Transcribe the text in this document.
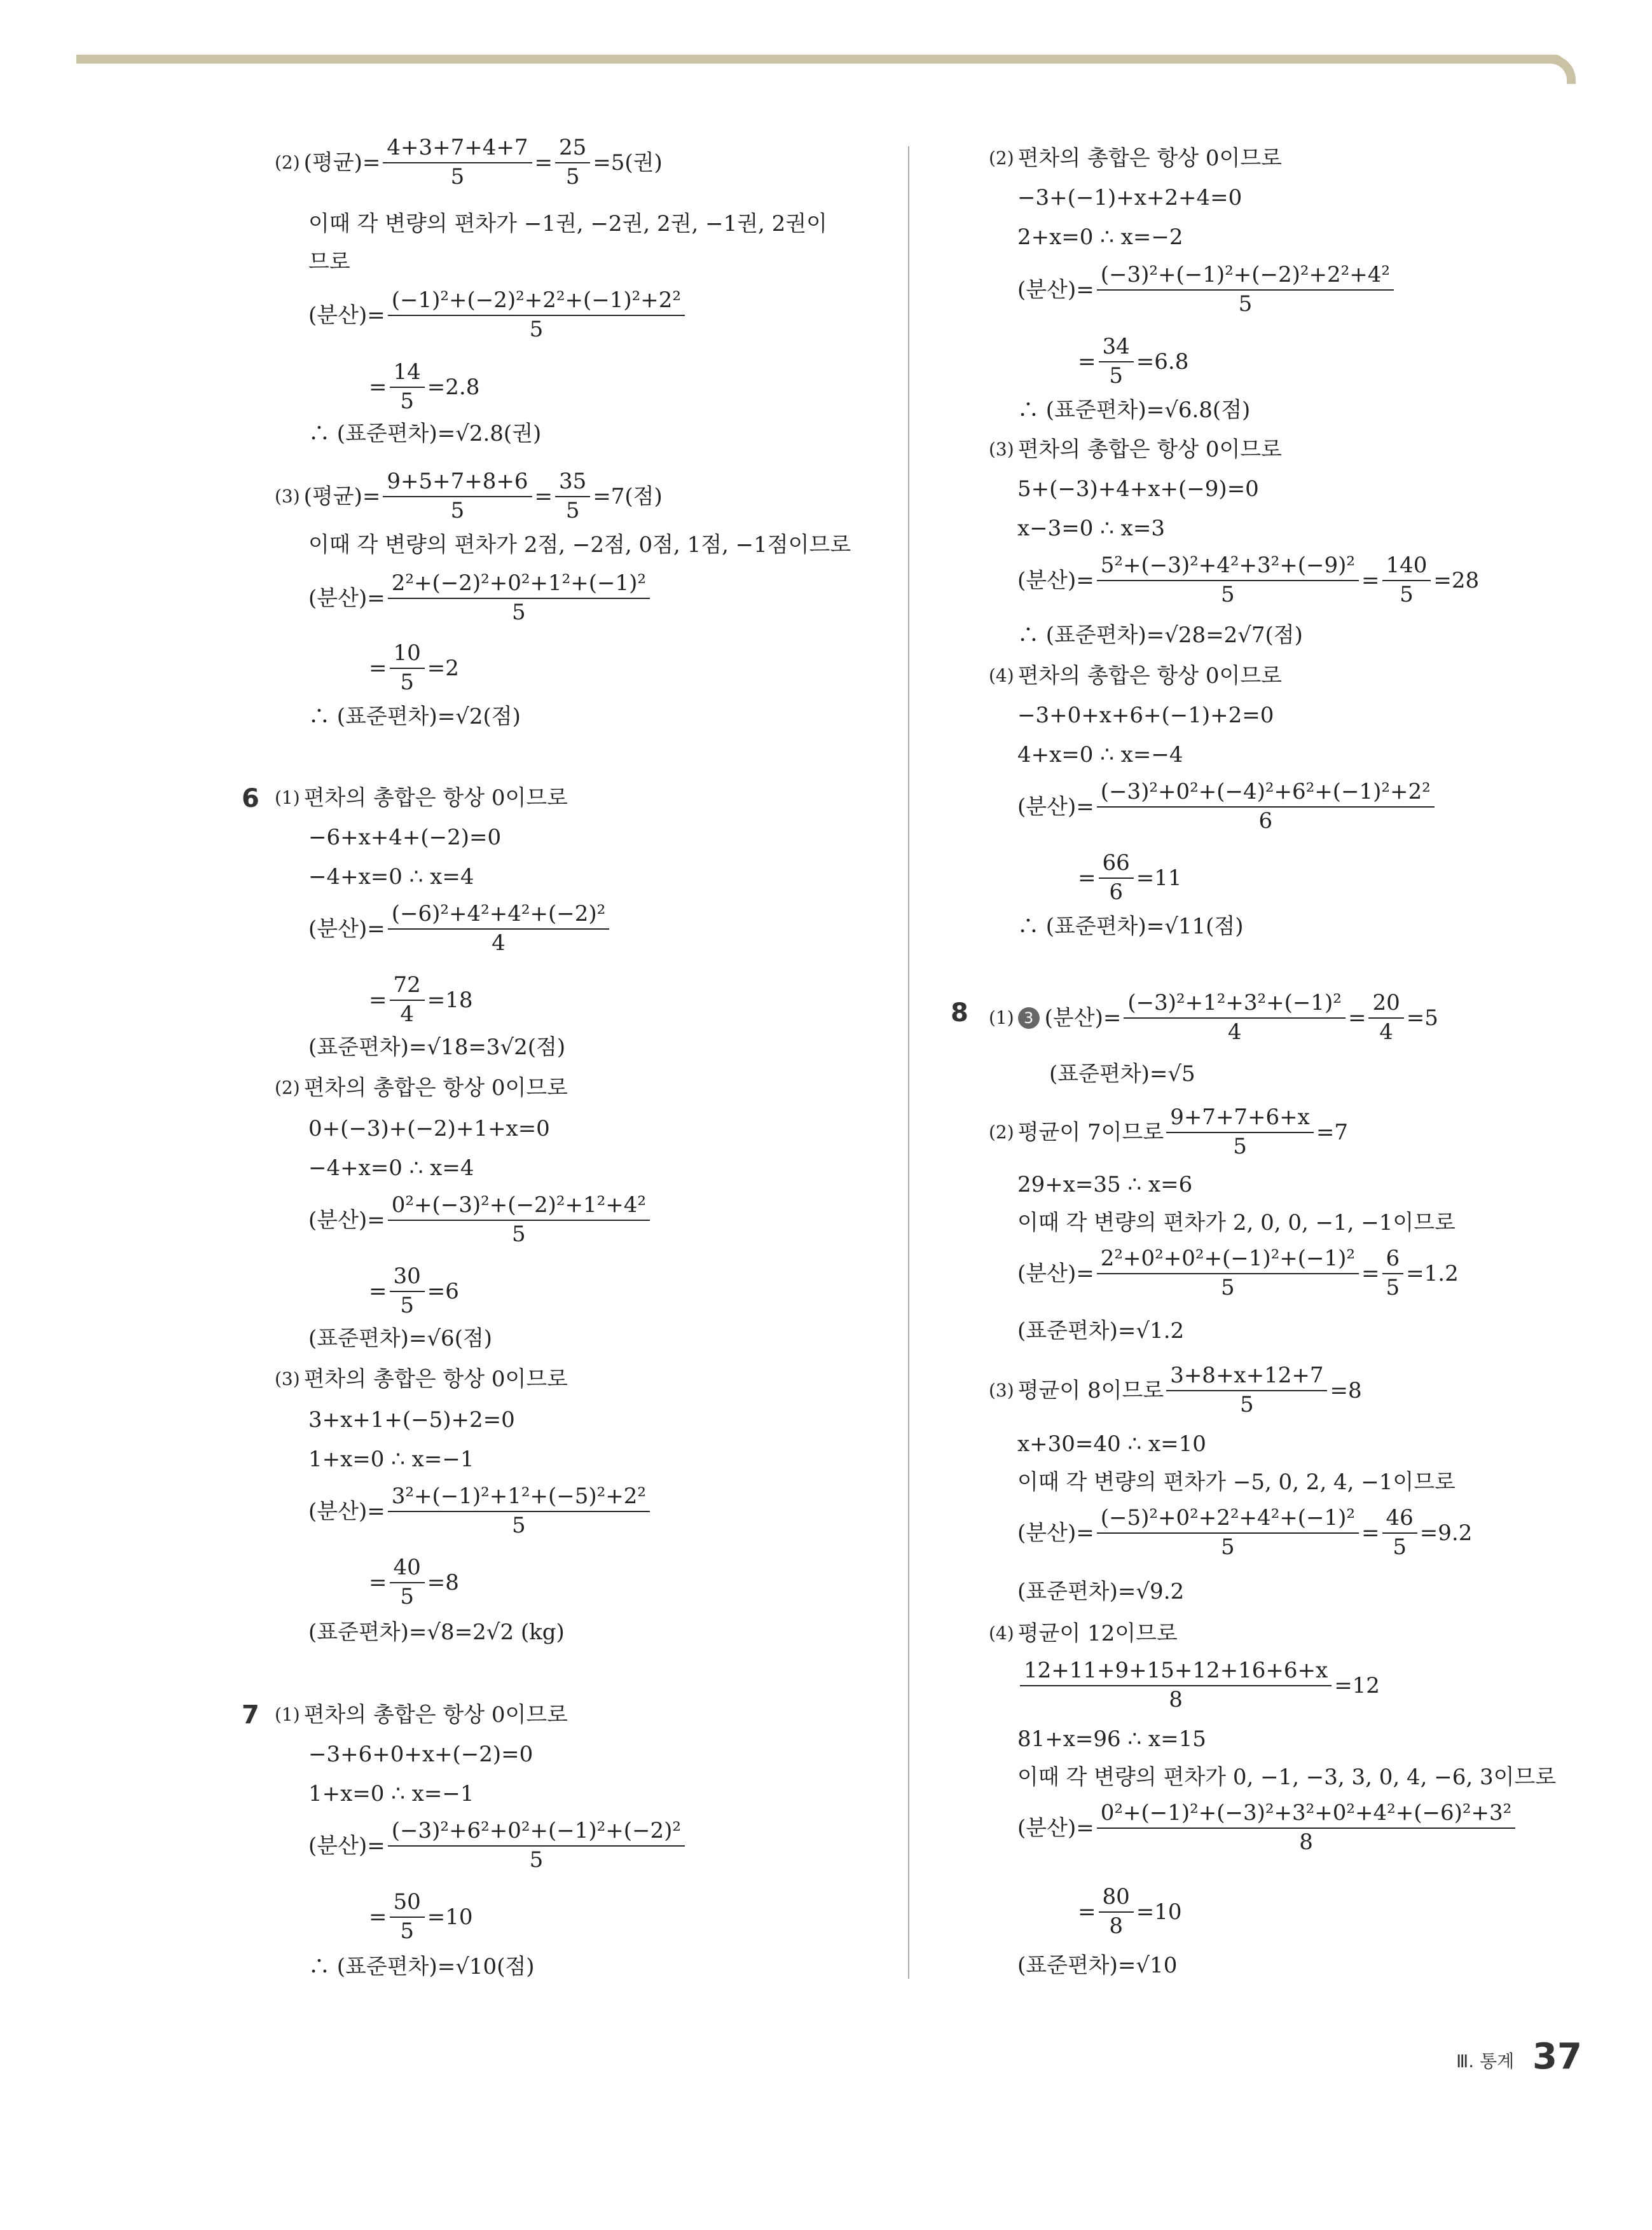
(2) (평균)= $\frac{4+3+7+4+7}{5} = \frac{25}{5} =5$(권)
이때 각 변량의 편차가 −1권, −2권, 2권, −1권, 2권이
므로
(분산)= $\frac{\text{(−1)²+(−2)²+2²+(−1)²+2²}}{5}$
= $\frac{14}{5} =2.8$
∴ (표준편차)=√2.8(권)
(3) (평균)= $\frac{9+5+7+8+6}{5} = \frac{35}{5} =7$(점)
이때 각 변량의 편차가 2점, −2점, 0점, 1점, −1점이므로
(분산)= $\frac{\text{2²+(−2)²+0²+1²+(−1)²}}{5}$
= $\frac{10}{5} =2$
∴ (표준편차)=√2(점)
6 (1) 편차의 총합은 항상 0이므로
−6+x+4+(−2)=0
−4+x=0 ∴ x=4
(분산)= $\frac{\text{(−6)²+4²+4²+(−2)²}}{4}$
= $\frac{72}{4} =18$
(표준편차)=√18=3√2(점)
(2) 편차의 총합은 항상 0이므로
0+(−3)+(−2)+1+x=0
−4+x=0 ∴ x=4
(분산)= $\frac{\text{0²+(−3)²+(−2)²+1²+4²}}{5}$
= $\frac{30}{5} =6$
(표준편차)=√6(점)
(3) 편차의 총합은 항상 0이므로
3+x+1+(−5)+2=0
1+x=0 ∴ x=−1
(분산)= $\frac{\text{3²+(−1)²+1²+(−5)²+2²}}{5}$
= $\frac{40}{5} =8$
(표준편차)=√8=2√2 (kg)
7 (1) 편차의 총합은 항상 0이므로
−3+6+0+x+(−2)=0
1+x=0 ∴ x=−1
(분산)= $\frac{\text{(−3)²+6²+0²+(−1)²+(−2)²}}{5}$
= $\frac{50}{5} =10$
∴ (표준편차)=√10(점)
(2) 편차의 총합은 항상 0이므로
−3+(−1)+x+2+4=0
2+x=0 ∴ x=−2
(분산)= $\frac{\text{(−3)²+(−1)²+(−2)²+2²+4²}}{5}$
= $\frac{34}{5} =6.8$
∴ (표준편차)=√6.8(점)
(3) 편차의 총합은 항상 0이므로
5+(−3)+4+x+(−9)=0
x−3=0 ∴ x=3
(분산)= $\frac{\text{5²+(−3)²+4²+3²+(−9)²}}{5} = \frac{140}{5} =28$
∴ (표준편차)=√28=2√7(점)
(4) 편차의 총합은 항상 0이므로
−3+0+x+6+(−1)+2=0
4+x=0 ∴ x=−4
(분산)= $\frac{\text{(−3)²+0²+(−4)²+6²+(−1)²+2²}}{6}$
= $\frac{66}{6} =11$
∴ (표준편차)=√11(점)
8 (1) 3 (분산)= $\frac{\text{(−3)²+1²+3²+(−1)²}}{4} = \frac{20}{4} =5$
(표준편차)=√5
(2) 평균이 7이므로 $\frac{9+7+7+6+x}{5} =7$
29+x=35 ∴ x=6
이때 각 변량의 편차가 2, 0, 0, −1, −1이므로
(분산)= $\frac{\text{2²+0²+0²+(−1)²+(−1)²}}{5} = \frac{6}{5} =1.2$
(표준편차)=√1.2
(3) 평균이 8이므로 $\frac{3+8+x+12+7}{5} =8$
x+30=40 ∴ x=10
이때 각 변량의 편차가 −5, 0, 2, 4, −1이므로
(분산)= $\frac{\text{(−5)²+0²+2²+4²+(−1)²}}{5} = \frac{46}{5} =9.2$
(표준편차)=√9.2
(4) 평균이 12이므로
$\frac{12+11+9+15+12+16+6+x}{8} =12$
81+x=96 ∴ x=15
이때 각 변량의 편차가 0, −1, −3, 3, 0, 4, −6, 3이므로
(분산)= $\frac{\text{0²+(−1)²+(−3)²+3²+0²+4²+(−6)²+3²}}{8}$
= $\frac{80}{8} =10$
(표준편차)=√10
Ⅲ. 통계 37
